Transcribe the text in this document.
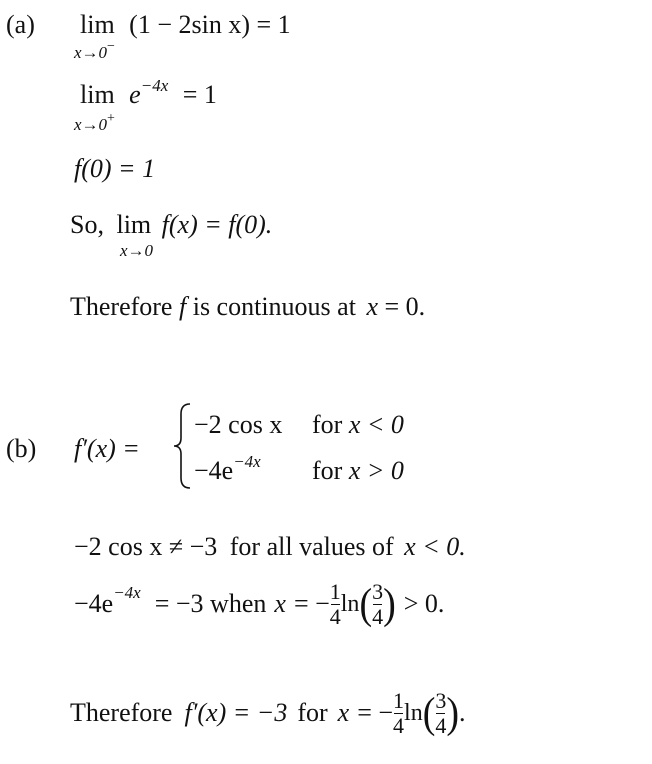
(a) lim (1 − 2sin x) = 1
x→0−
$\lim e^{-4x} = 1$
x→0+
f(0) = 1
So, lim f(x) = f(0).
x→0
Therefore f is continuous at x = 0.
(b) f′(x) =
−2 cos x for x < 0
$-4e^{-4x}$ for x > 0
−2 cos x ≠ −3 for all values of x < 0.
−4e −4x = −3 when x = − $\frac{1}{4}$ ln ( $\frac{3}{4}$ ) > 0.
Therefore f′(x) = −3 for x = − $\frac{1}{4}$ ln ( $\frac{3}{4}$ ) .
